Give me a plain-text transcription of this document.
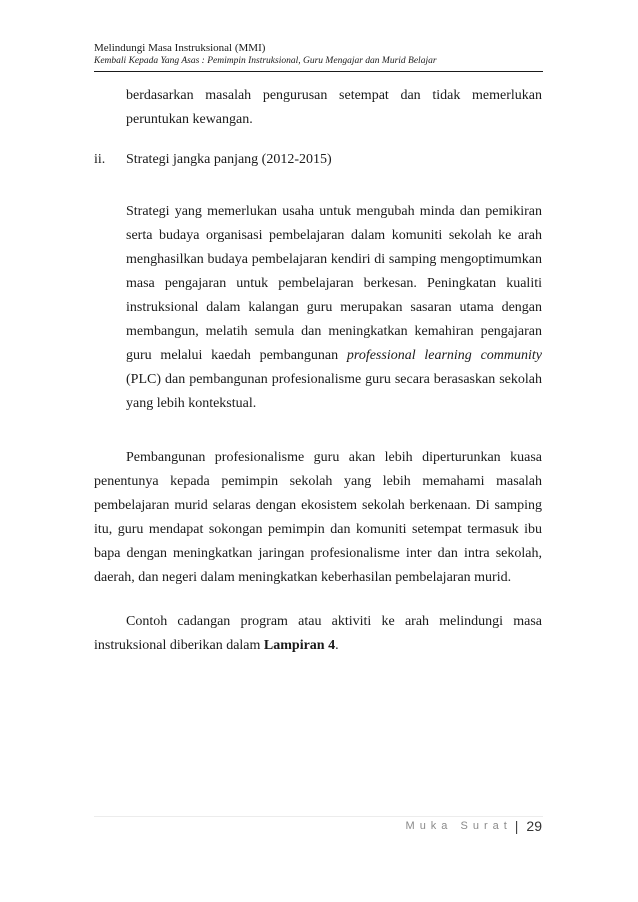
Melindungi Masa Instruksional (MMI)
Kembali Kepada Yang Asas : Pemimpin Instruksional, Guru Mengajar dan Murid Belajar
berdasarkan masalah pengurusan setempat dan tidak memerlukan peruntukan kewangan.
ii. Strategi jangka panjang (2012-2015)
Strategi yang memerlukan usaha untuk mengubah minda dan pemikiran serta budaya organisasi pembelajaran dalam komuniti sekolah ke arah menghasilkan budaya pembelajaran kendiri di samping mengoptimumkan masa pengajaran untuk pembelajaran berkesan. Peningkatan kualiti instruksional dalam kalangan guru merupakan sasaran utama dengan membangun, melatih semula dan meningkatkan kemahiran pengajaran guru melalui kaedah pembangunan professional learning community (PLC) dan pembangunan profesionalisme guru secara berasaskan sekolah yang lebih kontekstual.
Pembangunan profesionalisme guru akan lebih diperturunkan kuasa penentunya kepada pemimpin sekolah yang lebih memahami masalah pembelajaran murid selaras dengan ekosistem sekolah berkenaan. Di samping itu, guru mendapat sokongan pemimpin dan komuniti setempat termasuk ibu bapa dengan meningkatkan jaringan profesionalisme inter dan intra sekolah, daerah, dan negeri dalam meningkatkan keberhasilan pembelajaran murid.
Contoh cadangan program atau aktiviti ke arah melindungi masa instruksional diberikan dalam Lampiran 4.
Muka Surat | 29
